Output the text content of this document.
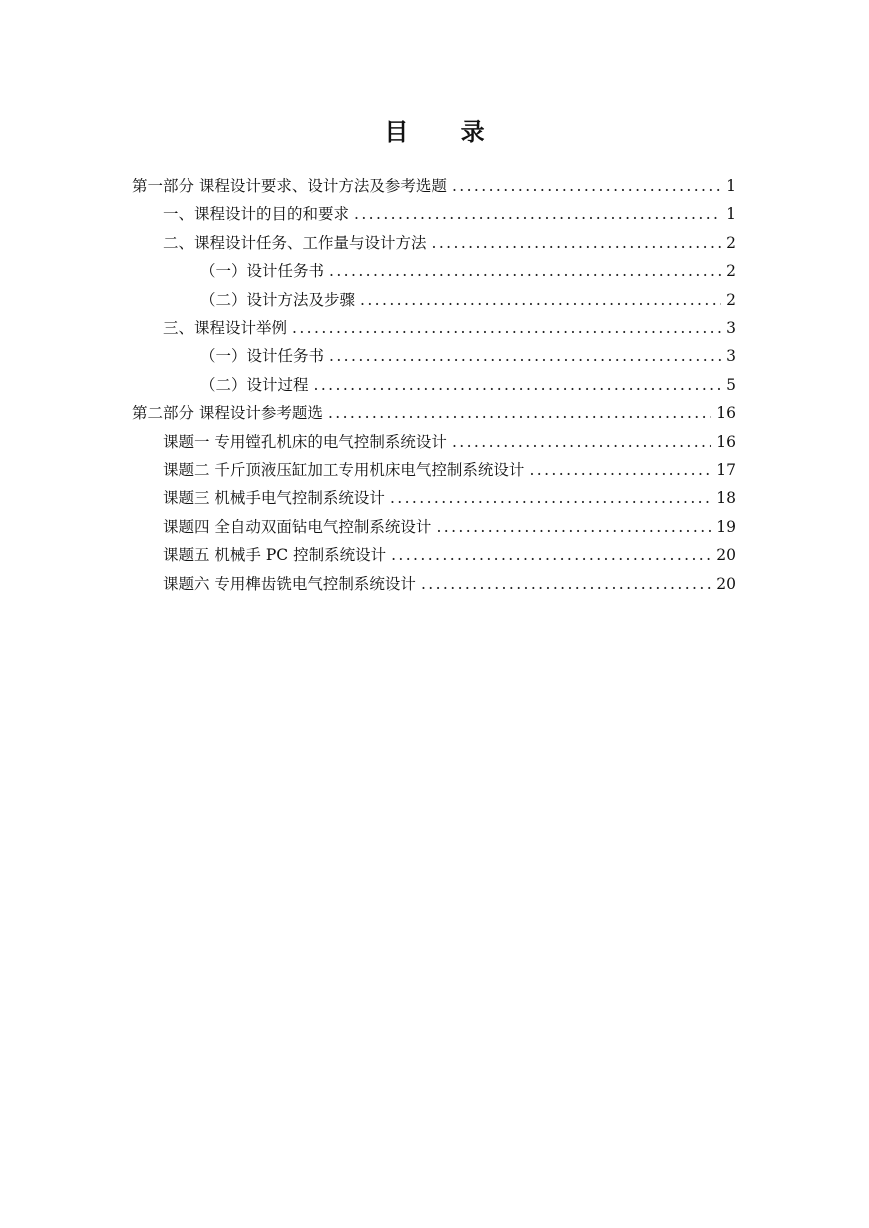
目 录
第一部分 课程设计要求、设计方法及参考选题 .....	1
一、课程设计的目的和要求 .....	1
二、课程设计任务、工作量与设计方法 .....	2
（一）设计任务书 .....	2
（二）设计方法及步骤 .....	2
三、课程设计举例 .....	3
（一）设计任务书 .....	3
（二）设计过程 .....	5
第二部分 课程设计参考题选 .....	16
课题一 专用镗孔机床的电气控制系统设计 .....	16
课题二 千斤顶液压缸加工专用机床电气控制系统设计 .....	17
课题三 机械手电气控制系统设计 .....	18
课题四 全自动双面钻电气控制系统设计 .....	19
课题五 机械手 PC 控制系统设计 .....	20
课题六 专用榫齿铣电气控制系统设计 .....	20
